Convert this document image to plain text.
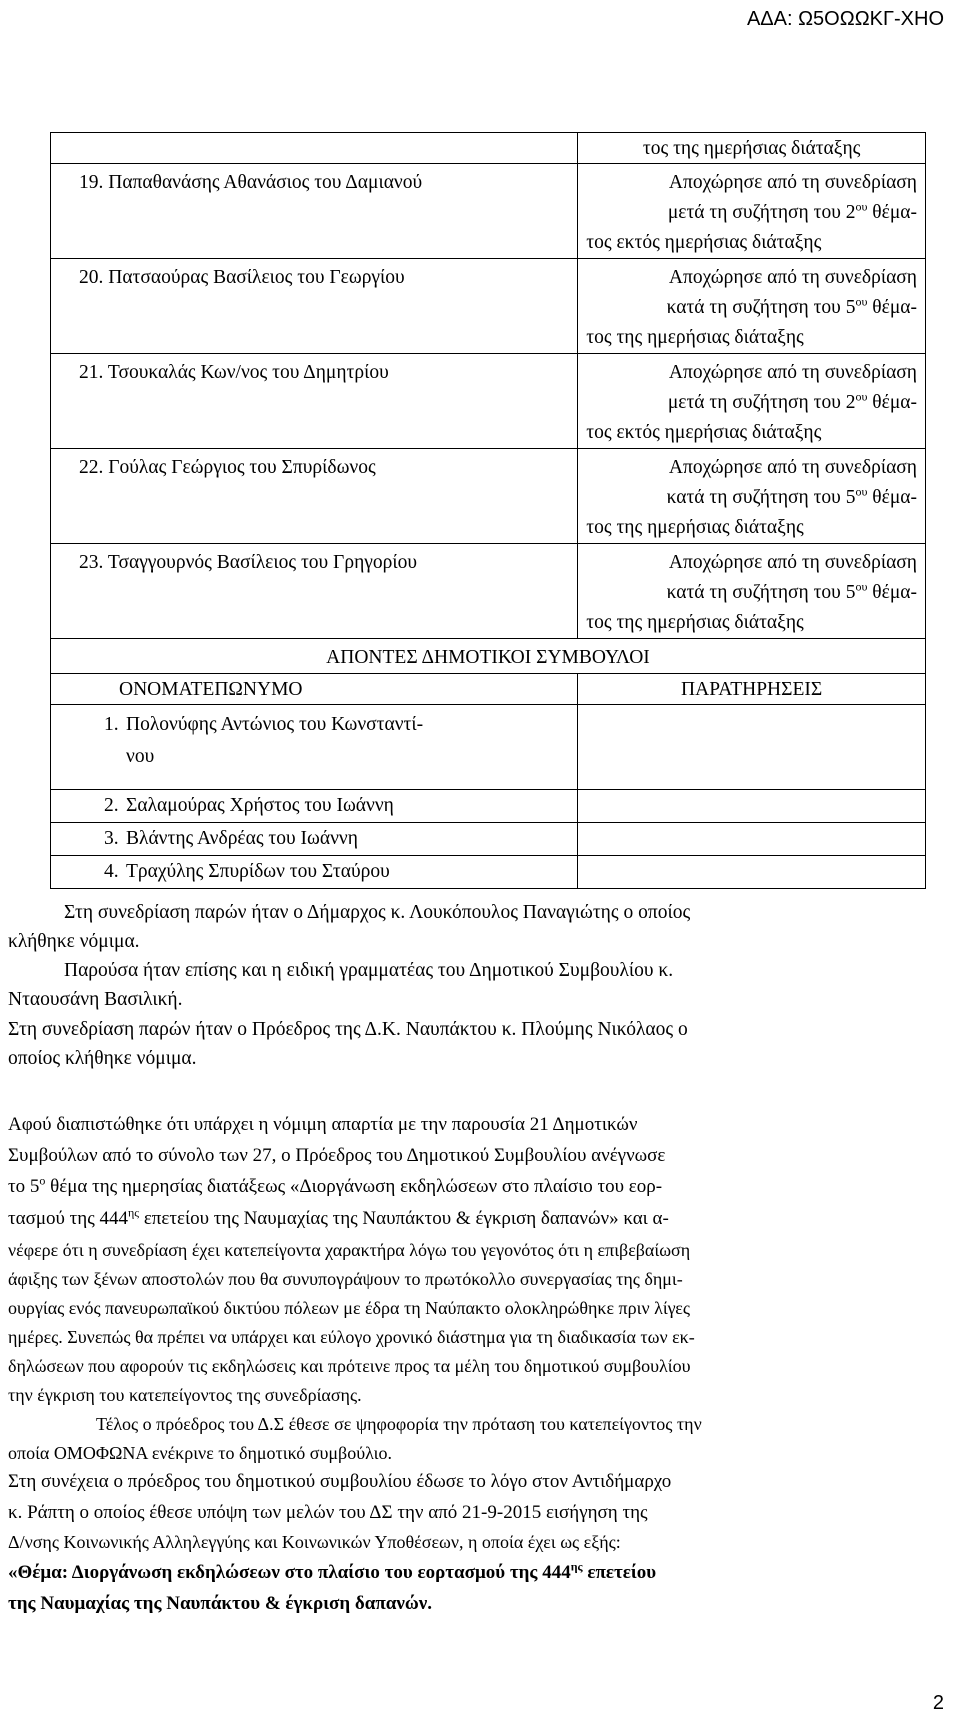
ΑΔΑ: Ω5ΟΩΩΚΓ-ΧΗΟ

	τος της ημερήσιας διάταξης

19. Παπαθανάσης Αθανάσιος του Δαμιανού	Αποχώρησε από τη συνεδρίαση
μετά τη συζήτηση του $2^{o\upsilon}$ θέμα-
τος εκτός ημερήσιας διάταξης

20. Πατσαούρας Βασίλειος του Γεωργίου	Αποχώρησε από τη συνεδρίαση
κατά τη συζήτηση του $5^{o\upsilon}$ θέμα-
τος της ημερήσιας διάταξης

21. Τσουκαλάς Κων/νος του Δημητρίου	Αποχώρησε από τη συνεδρίαση
μετά τη συζήτηση του $2^{o\upsilon}$ θέμα-
τος εκτός ημερήσιας διάταξης

22. Γούλας Γεώργιος του Σπυρίδωνος	Αποχώρησε από τη συνεδρίαση
κατά τη συζήτηση του $5^{o\upsilon}$ θέμα-
τος της ημερήσιας διάταξης

23. Τσαγγουρνός Βασίλειος του Γρηγορίου	Αποχώρησε από τη συνεδρίαση
κατά τη συζήτηση του $5^{o\upsilon}$ θέμα-
τος της ημερήσιας διάταξης

ΑΠΟΝΤΕΣ ΔΗΜΟΤΙΚΟΙ ΣΥΜΒΟΥΛΟΙ	

ΟΝΟΜΑΤΕΠΩΝΥΜΟ	ΠΑΡΑΤΗΡΗΣΕΙΣ

1. Πολονύφης Αντώνιος του Κωνσταντί-
νου	

2. Σαλαμούρας Χρήστος του Ιωάννη	

3. Βλάντης Ανδρέας του Ιωάννη	

4. Τραχύλης Σπυρίδων του Σταύρου	

Στη συνεδρίαση παρών ήταν ο Δήμαρχος κ. Λουκόπουλος Παναγιώτης ο οποίος
κλήθηκε νόμιμα.
Παρούσα ήταν επίσης και η ειδική γραμματέας του Δημοτικού Συμβουλίου κ.
Νταουσάνη Βασιλική.
Στη συνεδρίαση παρών ήταν ο Πρόεδρος της Δ.Κ. Ναυπάκτου κ. Πλούμης Νικόλαος ο
οποίος κλήθηκε νόμιμα.
Αφού διαπιστώθηκε ότι υπάρχει η νόμιμη απαρτία με την παρουσία 21 Δημοτικών
Συμβούλων από το σύνολο των 27, ο Πρόεδρος του Δημοτικού Συμβουλίου ανέγνωσε
το $5^o$ θέμα της ημερησίας διατάξεως «Διοργάνωση εκδηλώσεων στο πλαίσιο του εορ-
τασμού της $444^{\eta\varsigma}$ επετείου της Ναυμαχίας της Ναυπάκτου & έγκριση δαπανών» και α-
νέφερε ότι η συνεδρίαση έχει κατεπείγοντα χαρακτήρα λόγω του γεγονότος ότι η επιβεβαίωση
άφιξης των ξένων αποστολών που θα συνυπογράψουν το πρωτόκολλο συνεργασίας της δημι-
ουργίας ενός πανευρωπαϊκού δικτύου πόλεων με έδρα τη Ναύπακτο ολοκληρώθηκε πριν λίγες
ημέρες. Συνεπώς θα πρέπει να υπάρχει και εύλογο χρονικό διάστημα για τη διαδικασία των εκ-
δηλώσεων που αφορούν τις εκδηλώσεις και πρότεινε προς τα μέλη του δημοτικού συμβουλίου
την έγκριση του κατεπείγοντος της συνεδρίασης.
Τέλος ο πρόεδρος του Δ.Σ έθεσε σε ψηφοφορία την πρόταση του κατεπείγοντος την
οποία ΟΜΟΦΩΝΑ ενέκρινε το δημοτικό συμβούλιο.
Στη συνέχεια ο πρόεδρος του δημοτικού συμβουλίου έδωσε το λόγο στον Αντιδήμαρχο
κ. Ράπτη ο οποίος έθεσε υπόψη των μελών του ΔΣ την από 21-9-2015 εισήγηση της
Δ/νσης Κοινωνικής Αλληλεγγύης και Κοινωνικών Υποθέσεων, η οποία έχει ως εξής:
«Θέμα: Διοργάνωση εκδηλώσεων στο πλαίσιο του εορτασμού της $444^{\eta\varsigma}$ επετείου
της Ναυμαχίας της Ναυπάκτου & έγκριση δαπανών.
2
